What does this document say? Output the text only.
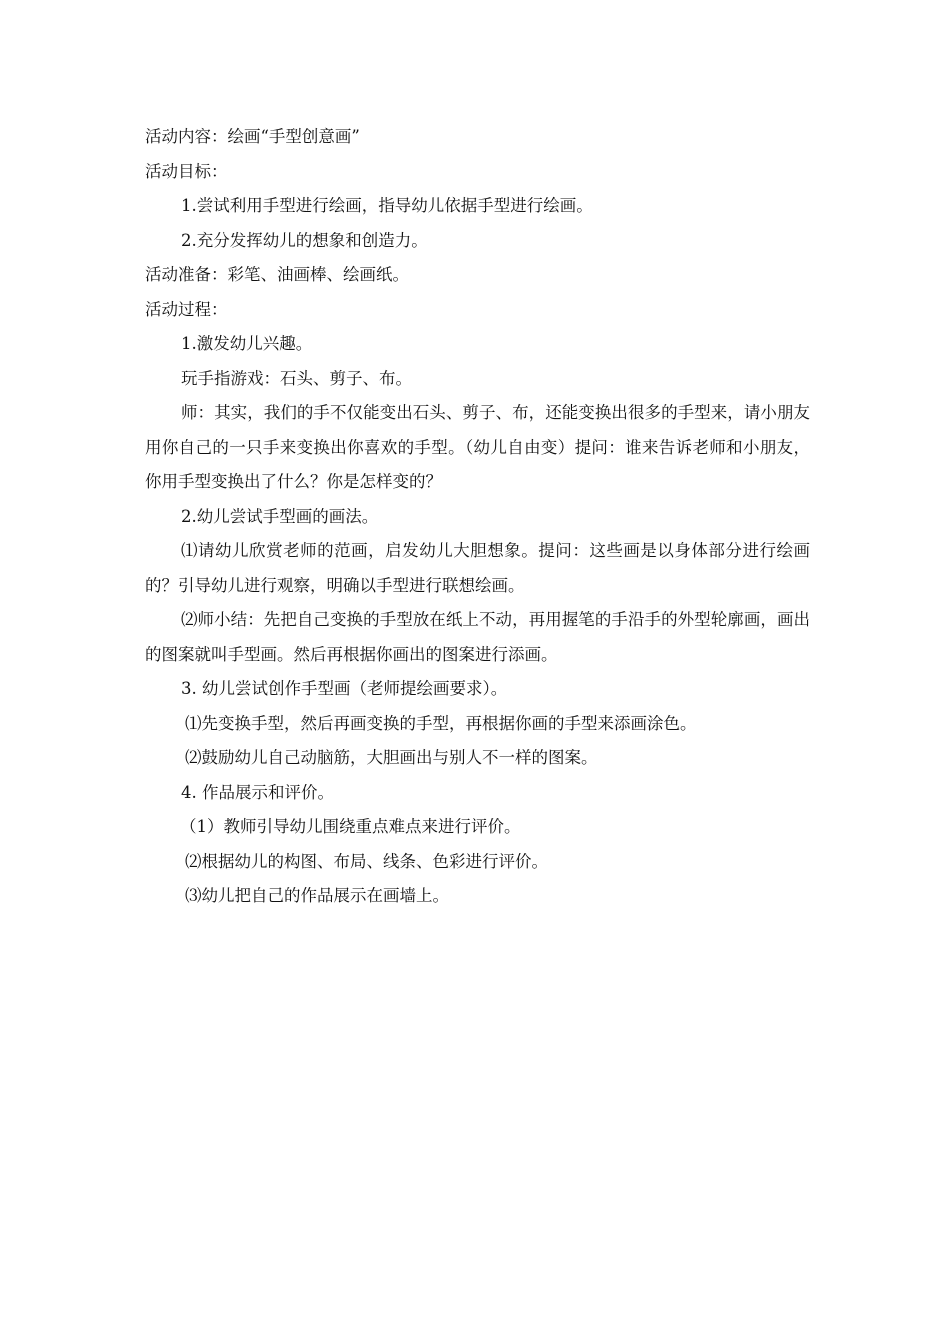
活动内容：绘画“手型创意画”

活动目标：

1.尝试利用手型进行绘画，指导幼儿依据手型进行绘画。

2.充分发挥幼儿的想象和创造力。

活动准备：彩笔、油画棒、绘画纸。

活动过程：

1.激发幼儿兴趣。

玩手指游戏：石头、剪子、布。

师：其实，我们的手不仅能变出石头、剪子、布，还能变换出很多的手型来，请小朋友用你自己的一只手来变换出你喜欢的手型。（幼儿自由变）提问：谁来告诉老师和小朋友，你用手型变换出了什么？你是怎样变的？

2.幼儿尝试手型画的画法。

⑴请幼儿欣赏老师的范画，启发幼儿大胆想象。提问：这些画是以身体部分进行绘画的？引导幼儿进行观察，明确以手型进行联想绘画。

⑵师小结：先把自己变换的手型放在纸上不动，再用握笔的手沿手的外型轮廓画，画出的图案就叫手型画。然后再根据你画出的图案进行添画。

3. 幼儿尝试创作手型画（老师提绘画要求）。

⑴先变换手型，然后再画变换的手型，再根据你画的手型来添画涂色。

⑵鼓励幼儿自己动脑筋，大胆画出与别人不一样的图案。

4. 作品展示和评价。

（1）教师引导幼儿围绕重点难点来进行评价。

⑵根据幼儿的构图、布局、线条、色彩进行评价。

⑶幼儿把自己的作品展示在画墙上。
